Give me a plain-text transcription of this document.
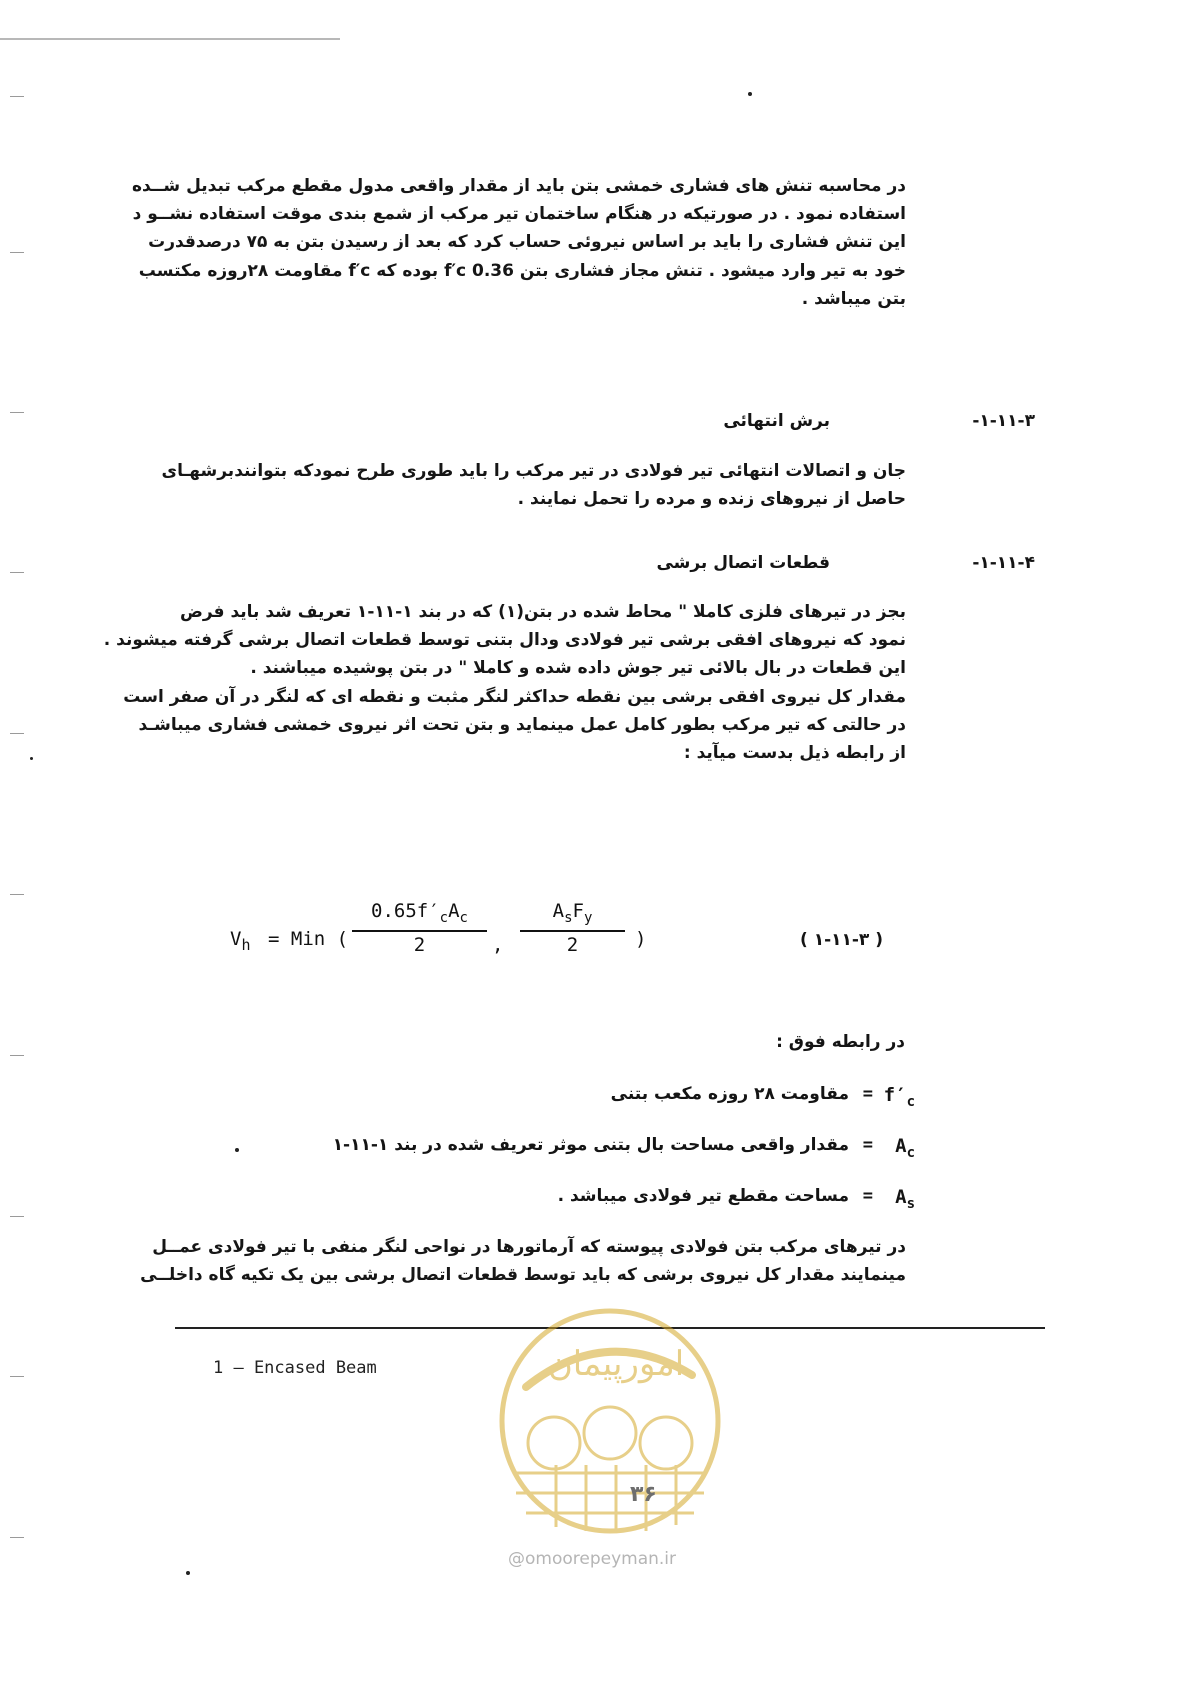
در محاسبه تنش های فشاری خمشی بتن باید از مقدار واقعی مدول مقطع مرکب تبدیل شــده
استفاده نمود . در صورتیکه در هنگام ساختمان تیر مرکب از شمع بندی موقت استفاده نشــو د
این تنش فشاری را باید بر اساس نیروئی حساب کرد که بعد از رسیدن بتن به ۷۵ درصدقدرت
خود به تیر وارد میشود . تنش مجاز فشاری بتن 0.36 f′c بوده که f′c مقاومت ۲۸روزه مکتسب
بتن میباشد .
۱-۱۱-۳-
برش انتهائی
جان و اتصالات انتهائی تیر فولادی در تیر مرکب را باید طوری طرح نمودکه بتوانندبرشهـای
حاصل از نیروهای زنده و مرده را تحمل نمایند .
۱-۱۱-۴-
قطعات اتصال برشی
بجز در تیرهای فلزی کاملا " محاط شده در بتن(۱) که در بند ۱-۱۱-۱ تعریف شد باید فرض
نمود که نیروهای افقی برشی تیر فولادی ودال بتنی توسط قطعات اتصال برشی گرفته میشوند .
این قطعات در بال بالائی تیر جوش داده شده و کاملا " در بتن پوشیده میباشند .
مقدار کل نیروی افقی برشی بین نقطه حداکثر لنگر مثبت و نقطه ای که لنگر در آن صفر است
در حالتی که تیر مرکب بطور کامل عمل مینماید و بتن تحت اثر نیروی خمشی فشاری میباشـد
از رابطه ذیل بدست میآید :
$V_h$ = Min (
$0.65f'_cA_c$
2	,
$A_sF_y$
2	)	( ۱-۱۱-۳ )
در رابطه فوق :
$f'_c$
=
مقاومت ۲۸ روزه مکعب بتنی
$A_c$
=
مقدار واقعی مساحت بال بتنی موثر تعریف شده در بند ۱-۱۱-۱
$A_s$
=
مساحت مقطع تیر فولادی میباشد .
در تیرهای مرکب بتن فولادی پیوسته که آرماتورها در نواحی لنگر منفی با تیر فولادی عمــل
مینمایند مقدار کل نیروی برشی که باید توسط قطعات اتصال برشی بین یک تکیه گاه داخلــی
1 — Encased Beam	امورپیمان
۳۶
@omoorepeyman.ir
